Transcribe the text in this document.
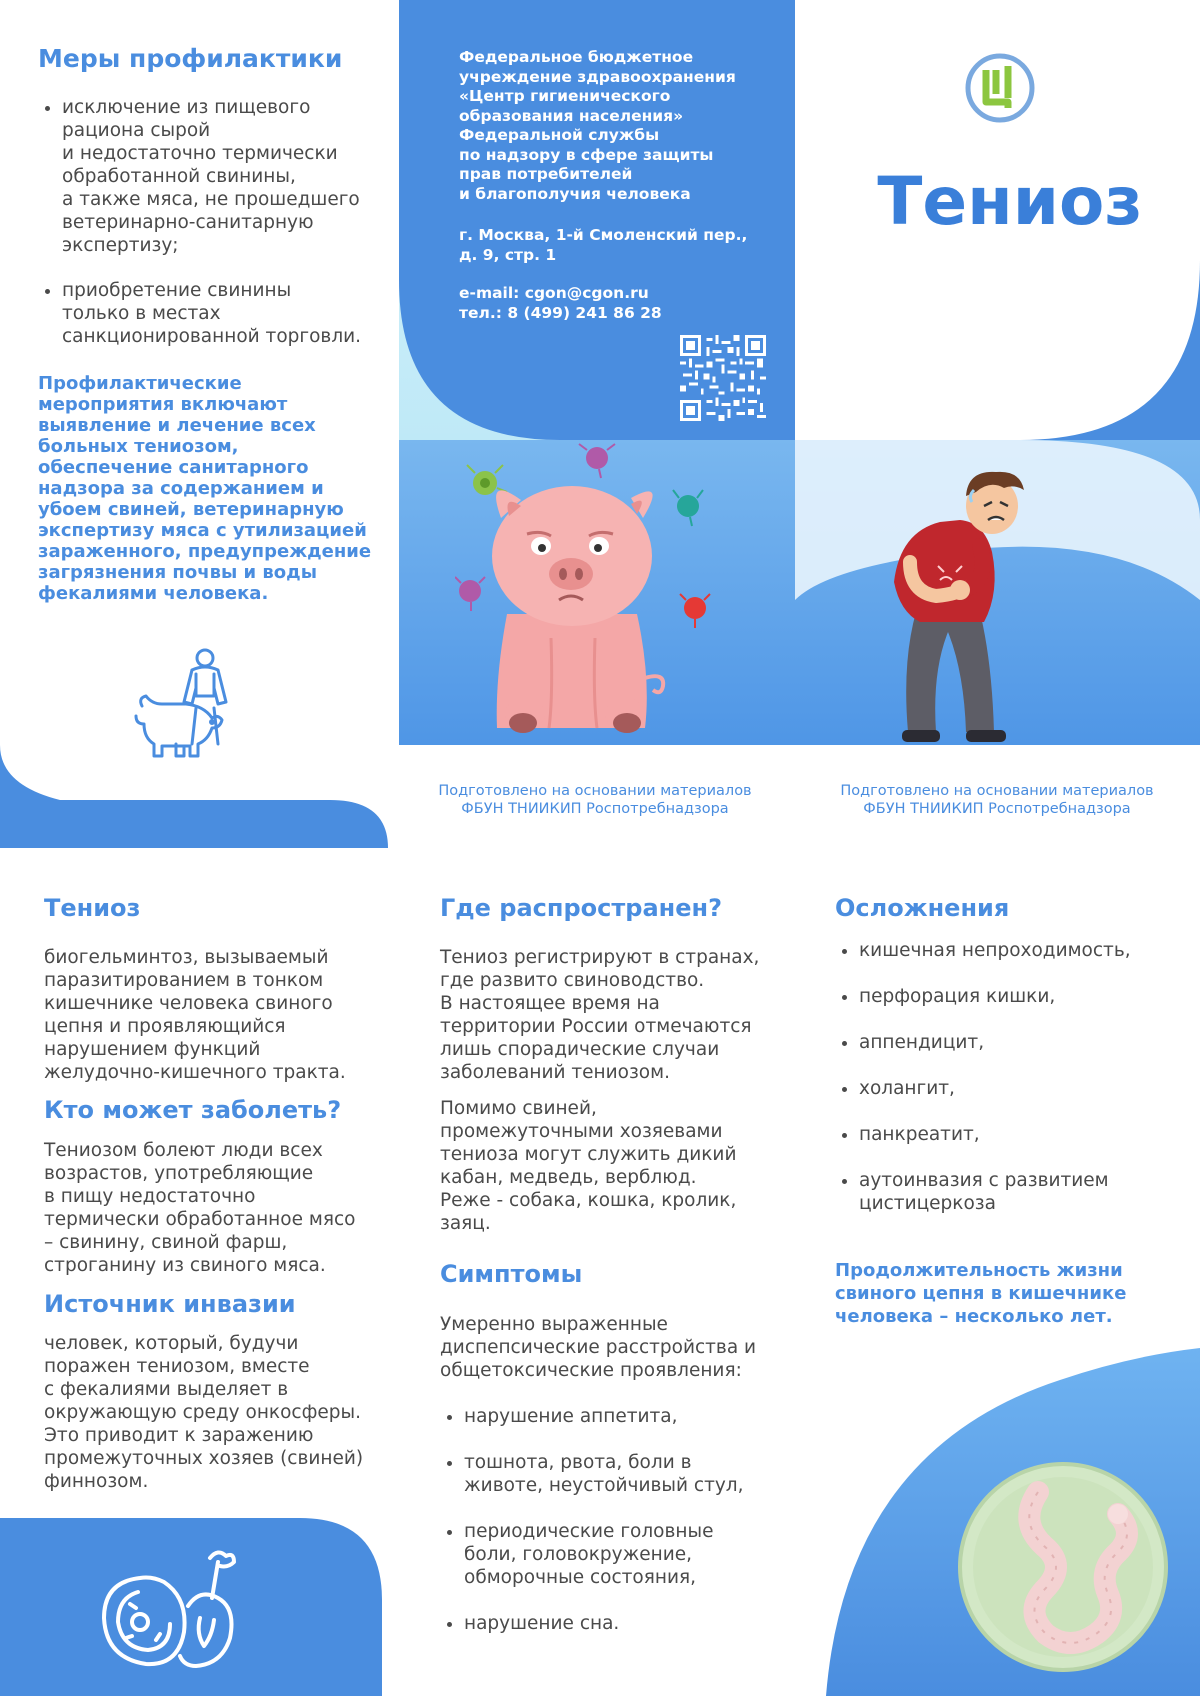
Меры профилактики
• исключение из пищевого
рациона сырой
и недостаточно термически
обработанной свинины,
а также мяса, не прошедшего
ветеринарно-санитарную
экспертизу;
• приобретение свинины
только в местах
санкционированной торговли.
Профилактические
мероприятия включают
выявление и лечение всех
больных тениозом,
обеспечение санитарного
надзора за содержанием и
убоем свиней, ветеринарную
экспертизу мяса с утилизацией
зараженного, предупреждение
загрязнения почвы и воды
фекалиями человека.
Федеральное бюджетное
учреждение здравоохранения
«Центр гигиенического
образования населения»
Федеральной службы
по надзору в сфере защиты
прав потребителей
и благополучия человека
г. Москва, 1-й Смоленский пер.,
д. 9, стр. 1
e-mail: cgon@cgon.ru
тел.: 8 (499) 241 86 28
Тениоз
Подготовлено на основании материалов
ФБУН ТНИИКИП Роспотребнадзора
Подготовлено на основании материалов
ФБУН ТНИИКИП Роспотребнадзора
Тениоз
биогельминтоз, вызываемый
паразитированием в тонком
кишечнике человека свиного
цепня и проявляющийся
нарушением функций
желудочно-кишечного тракта.
Кто может заболеть?
Тениозом болеют люди всех
возрастов, употребляющие
в пищу недостаточно
термически обработанное мясо
– свинину, свиной фарш,
строганину из свиного мяса.
Источник инвазии
человек, который, будучи
поражен тениозом, вместе
с фекалиями выделяет в
окружающую среду онкосферы.
Это приводит к заражению
промежуточных хозяев (свиней)
финнозом.
Где распространен?
Тениоз регистрируют в странах,
где развито свиноводство.
В настоящее время на
территории России отмечаются
лишь спорадические случаи
заболеваний тениозом.
Помимо свиней,
промежуточными хозяевами
тениоза могут служить дикий
кабан, медведь, верблюд.
Реже - собака, кошка, кролик,
заяц.
Симптомы
Умеренно выраженные
диспепсические расстройства и
общетоксические проявления:
• нарушение аппетита,
• тошнота, рвота, боли в
животе, неустойчивый стул,
• периодические головные
боли, головокружение,
обморочные состояния,
• нарушение сна.
Осложнения
• кишечная непроходимость,
• перфорация кишки,
• аппендицит,
• холангит,
• панкреатит,
• аутоинвазия с развитием
цистицеркоза
Продолжительность жизни
свиного цепня в кишечнике
человека – несколько лет.
